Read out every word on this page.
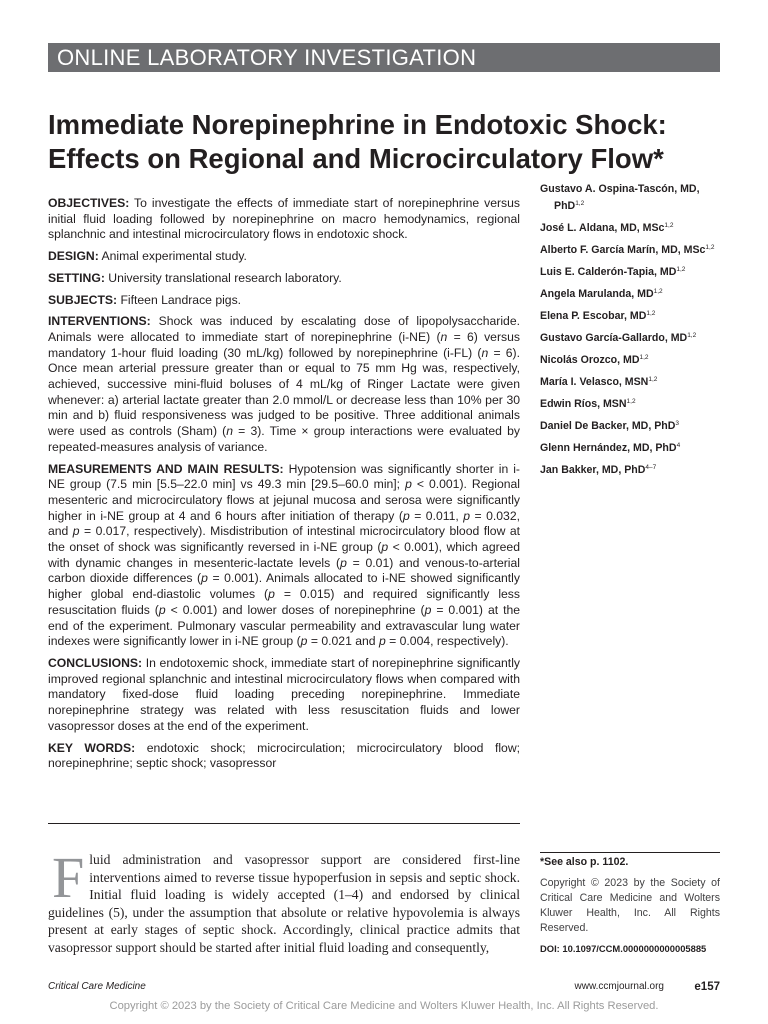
ONLINE LABORATORY INVESTIGATION
Immediate Norepinephrine in Endotoxic Shock:
Effects on Regional and Microcirculatory Flow*

OBJECTIVES: To investigate the effects of immediate start of norepinephrine versus initial fluid loading followed by norepinephrine on macro hemodynamics, regional splanchnic and intestinal microcirculatory flows in endotoxic shock.

DESIGN: Animal experimental study.

SETTING: University translational research laboratory.

SUBJECTS: Fifteen Landrace pigs.

INTERVENTIONS: Shock was induced by escalating dose of lipopolysaccharide. Animals were allocated to immediate start of norepinephrine (i-NE) (n = 6) versus mandatory 1-hour fluid loading (30 mL/kg) followed by norepinephrine (i-FL) (n = 6). Once mean arterial pressure greater than or equal to 75 mm Hg was, respectively, achieved, successive mini-fluid boluses of 4 mL/kg of Ringer Lactate were given whenever: a) arterial lactate greater than 2.0 mmol/L or decrease less than 10% per 30 min and b) fluid responsiveness was judged to be positive. Three additional animals were used as controls (Sham) (n = 3). Time × group interactions were evaluated by repeated-measures analysis of variance.

MEASUREMENTS AND MAIN RESULTS: Hypotension was significantly shorter in i-NE group (7.5 min [5.5–22.0 min] vs 49.3 min [29.5–60.0 min]; p < 0.001). Regional mesenteric and microcirculatory flows at jejunal mucosa and serosa were significantly higher in i-NE group at 4 and 6 hours after initiation of therapy (p = 0.011, p = 0.032, and p = 0.017, respectively). Misdistribution of intestinal microcirculatory blood flow at the onset of shock was significantly reversed in i-NE group (p < 0.001), which agreed with dynamic changes in mesenteric-lactate levels (p = 0.01) and venous-to-arterial carbon dioxide differences (p = 0.001). Animals allocated to i-NE showed significantly higher global end-diastolic volumes (p = 0.015) and required significantly less resuscitation fluids (p < 0.001) and lower doses of norepinephrine (p = 0.001) at the end of the experiment. Pulmonary vascular permeability and extravascular lung water indexes were significantly lower in i-NE group (p = 0.021 and p = 0.004, respectively).

CONCLUSIONS: In endotoxemic shock, immediate start of norepinephrine significantly improved regional splanchnic and intestinal microcirculatory flows when compared with mandatory fixed-dose fluid loading preceding norepinephrine. Immediate norepinephrine strategy was related with less resuscitation fluids and lower vasopressor doses at the end of the experiment.

KEY WORDS: endotoxic shock; microcirculation; microcirculatory blood flow; norepinephrine; septic shock; vasopressor

Gustavo A. Ospina-Tascón, MD, PhD$^{1,2}$
José L. Aldana, MD, MSc$^{1,2}$
Alberto F. García Marín, MD, MSc$^{1,2}$
Luis E. Calderón-Tapia, MD$^{1,2}$
Angela Marulanda, MD$^{1,2}$
Elena P. Escobar, MD$^{1,2}$
Gustavo García-Gallardo, MD$^{1,2}$
Nicolás Orozco, MD$^{1,2}$
María I. Velasco, MSN$^{1,2}$
Edwin Ríos, MSN$^{1,2}$
Daniel De Backer, MD, PhD$^3$
Glenn Hernández, MD, PhD$^4$
Jan Bakker, MD, PhD$^{4-7}$
Fluid administration and vasopressor support are considered first-line interventions aimed to reverse tissue hypoperfusion in sepsis and septic shock. Initial fluid loading is widely accepted (1–4) and endorsed by clinical guidelines (5), under the assumption that absolute or relative hypovolemia is always present at early stages of septic shock. Accordingly, clinical practice admits that vasopressor support should be started after initial fluid loading and consequently,
*See also p. 1102.
Copyright © 2023 by the Society of Critical Care Medicine and Wolters Kluwer Health, Inc. All Rights Reserved.
DOI: 10.1097/CCM.0000000000005885
Critical Care Medicine	www.ccmjournal.org	e157
Copyright © 2023 by the Society of Critical Care Medicine and Wolters Kluwer Health, Inc. All Rights Reserved.
